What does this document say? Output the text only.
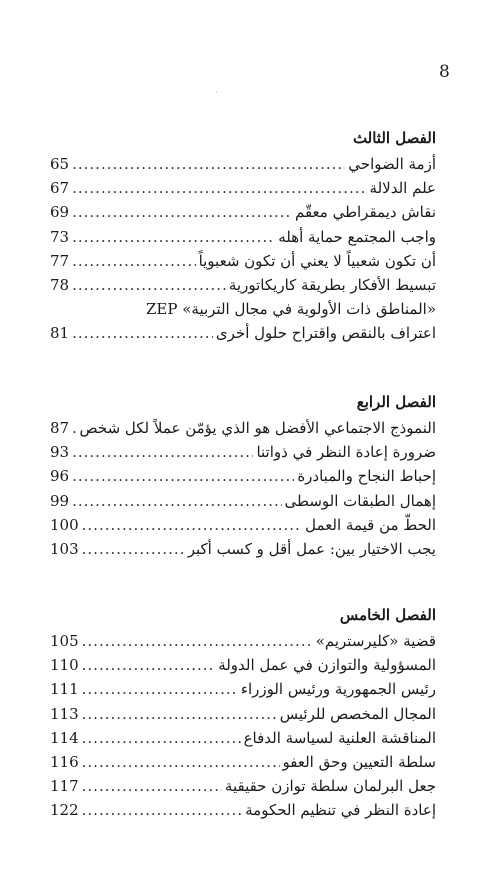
8
·
الفصل الثالث
أزمة الضواحي
.....
65
علم الدلالة
.....
67
نقاش ديمقراطي معقّم
.....
69
واجب المجتمع حماية أهله
.....
73
أن تكون شعبياً لا يعني أن تكون شعبوياً
.....
77
تبسيط الأفكار بطريقة كاريكاتورية
.....
78
«المناطق ذات الأولوية في مجال التربية» ZEP
اعتراف بالنقص واقتراح حلول أخرى
.....
81
الفصل الرابع
النموذج الاجتماعي الأفضل هو الذي يؤمّن عملاً لكل شخص
.....
87
ضرورة إعادة النظر في ذواتنا
.....
93
إحباط النجاح والمبادرة
.....
96
إهمال الطبقات الوسطى
.....
99
الحطّ من قيمة العمل
.....
100
يجب الاختيار بين: عمل أقل و كسب أكبر
.....
103
الفصل الخامس
قضية «كليرستريم»
.....
105
المسؤولية والتوازن في عمل الدولة
.....
110
رئيس الجمهورية ورئيس الوزراء
.....
111
المجال المخصص للرئيس
.....
113
المناقشة العلنية لسياسة الدفاع
.....
114
سلطة التعيين وحق العفو
.....
116
جعل البرلمان سلطة توازن حقيقية
.....
117
إعادة النظر في تنظيم الحكومة
.....
122
